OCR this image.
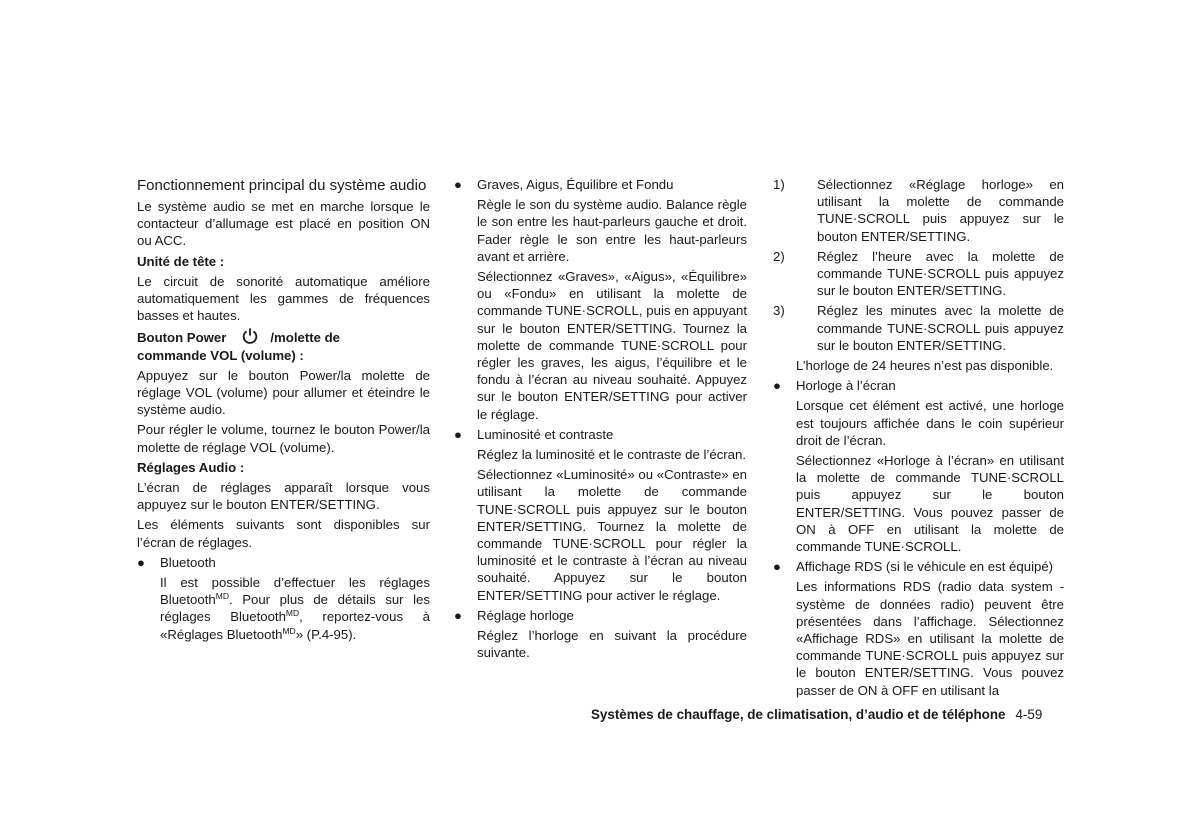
Fonctionnement principal du système audio

Le système audio se met en marche lorsque le contacteur d’allumage est placé en position ON ou ACC.

Unité de tête :

Le circuit de sonorité automatique améliore automatiquement les gammes de fréquences basses et hautes.

Bouton Power	/molette de
commande VOL (volume) :

Appuyez sur le bouton Power/la molette de réglage VOL (volume) pour allumer et éteindre le système audio.

Pour régler le volume, tournez le bouton Power/la molette de réglage VOL (volume).

Réglages Audio :

L’écran de réglages apparaît lorsque vous appuyez sur le bouton ENTER/SETTING.

Les éléments suivants sont disponibles sur l’écran de réglages.

● Bluetooth

Il est possible d’effectuer les réglages Bluetooth$^{MD}$. Pour plus de détails sur les réglages Bluetooth$^{MD}$, reportez-vous à «Réglages Bluetooth$^{MD}$» (P.4-95).

● Graves, Aigus, Équilibre et Fondu

Règle le son du système audio. Balance règle le son entre les haut-parleurs gauche et droit. Fader règle le son entre les haut-parleurs avant et arrière.

Sélectionnez «Graves», «Aigus», «Équilibre» ou «Fondu» en utilisant la molette de commande TUNE·SCROLL, puis en appuyant sur le bouton ENTER/SETTING. Tournez la molette de commande TUNE·SCROLL pour régler les graves, les aigus, l’équilibre et le fondu à l’écran au niveau souhaité. Appuyez sur le bouton ENTER/SETTING pour activer le réglage.

● Luminosité et contraste

Réglez la luminosité et le contraste de l’écran.

Sélectionnez «Luminosité» ou «Contraste» en utilisant la molette de commande TUNE·SCROLL puis appuyez sur le bouton ENTER/SETTING. Tournez la molette de commande TUNE·SCROLL pour régler la luminosité et le contraste à l’écran au niveau souhaité. Appuyez sur le bouton ENTER/SETTING pour activer le réglage.

● Réglage horloge

Réglez l’horloge en suivant la procédure suivante.

1) Sélectionnez «Réglage horloge» en utilisant la molette de commande TUNE·SCROLL puis appuyez sur le bouton ENTER/SETTING.

2) Réglez l’heure avec la molette de commande TUNE·SCROLL puis appuyez sur le bouton ENTER/SETTING.

3) Réglez les minutes avec la molette de commande TUNE·SCROLL puis appuyez sur le bouton ENTER/SETTING.

L’horloge de 24 heures n’est pas disponible.

● Horloge à l’écran

Lorsque cet élément est activé, une horloge est toujours affichée dans le coin supérieur droit de l’écran.

Sélectionnez «Horloge à l’écran» en utilisant la molette de commande TUNE·SCROLL puis appuyez sur le bouton ENTER/SETTING. Vous pouvez passer de ON à OFF en utilisant la molette de commande TUNE·SCROLL.

● Affichage RDS (si le véhicule en est équipé)

Les informations RDS (radio data system - système de données radio) peuvent être présentées dans l’affichage. Sélectionnez «Affichage RDS» en utilisant la molette de commande TUNE·SCROLL puis appuyez sur le bouton ENTER/SETTING. Vous pouvez passer de ON à OFF en utilisant la

Systèmes de chauffage, de climatisation, d’audio et de téléphone 4-59
